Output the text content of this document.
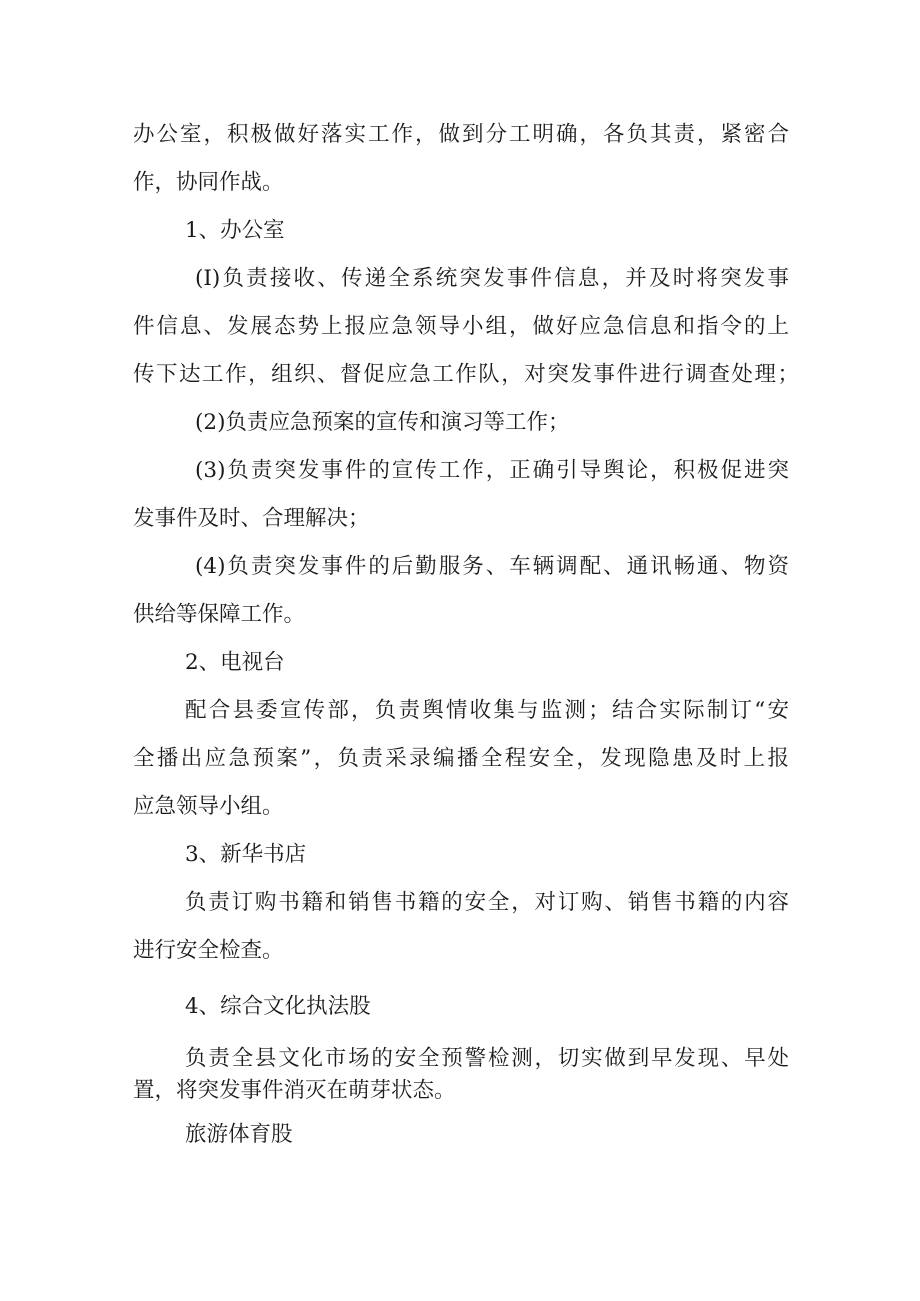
办公室，积极做好落实工作，做到分工明确，各负其责，紧密合

作，协同作战。

1、办公室

(I)负责接收、传递全系统突发事件信息，并及时将突发事

件信息、发展态势上报应急领导小组，做好应急信息和指令的上

传下达工作，组织、督促应急工作队，对突发事件进行调查处理；

(2)负责应急预案的宣传和演习等工作；

(3)负责突发事件的宣传工作，正确引导舆论，积极促进突

发事件及时、合理解决；

(4)负责突发事件的后勤服务、车辆调配、通讯畅通、物资

供给等保障工作。

2、电视台

配合县委宣传部，负责舆情收集与监测；结合实际制订“安

全播出应急预案”，负责采录编播全程安全，发现隐患及时上报

应急领导小组。

3、新华书店

负责订购书籍和销售书籍的安全，对订购、销售书籍的内容

进行安全检查。

4、综合文化执法股

负责全县文化市场的安全预警检测，切实做到早发现、早处

置，将突发事件消灭在萌芽状态。

旅游体育股
